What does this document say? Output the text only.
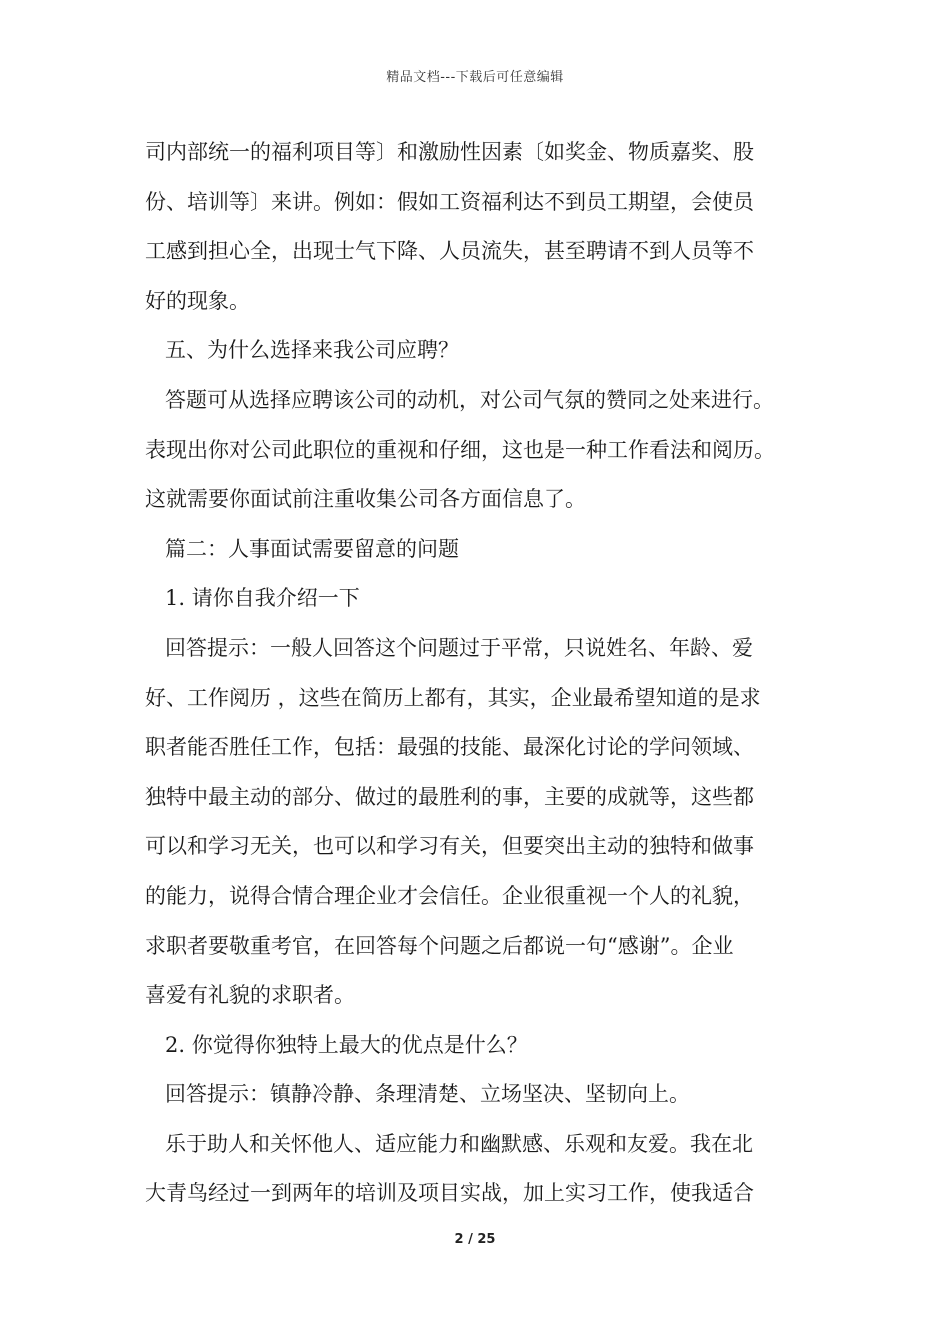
精品文档---下载后可任意编辑
司内部统一的福利项目等〕和激励性因素〔如奖金、物质嘉奖、股
份、培训等〕来讲。例如：假如工资福利达不到员工期望，会使员
工感到担心全，出现士气下降、人员流失，甚至聘请不到人员等不
好的现象。
五、为什么选择来我公司应聘？
答题可从选择应聘该公司的动机，对公司气氛的赞同之处来进行。
表现出你对公司此职位的重视和仔细，这也是一种工作看法和阅历。
这就需要你面试前注重收集公司各方面信息了。
篇二：人事面试需要留意的问题
1. 请你自我介绍一下
回答提示：一般人回答这个问题过于平常，只说姓名、年龄、爱
好、工作阅历 ，这些在简历上都有，其实，企业最希望知道的是求
职者能否胜任工作，包括：最强的技能、最深化讨论的学问领域、
独特中最主动的部分、做过的最胜利的事，主要的成就等，这些都
可以和学习无关，也可以和学习有关，但要突出主动的独特和做事
的能力，说得合情合理企业才会信任。企业很重视一个人的礼貌，
求职者要敬重考官，在回答每个问题之后都说一句“感谢”。企业
喜爱有礼貌的求职者。
2. 你觉得你独特上最大的优点是什么？
回答提示：镇静冷静、条理清楚、立场坚决、坚韧向上。
乐于助人和关怀他人、适应能力和幽默感、乐观和友爱。我在北
大青鸟经过一到两年的培训及项目实战，加上实习工作，使我适合
2 / 25
